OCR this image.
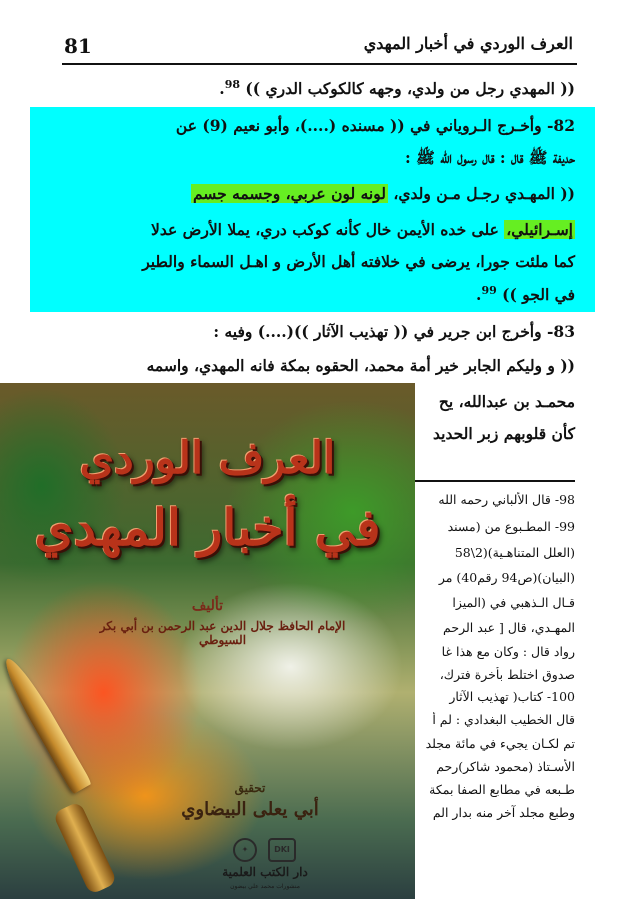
81	العرف الوردي في أخبار المهدي
(( المهدي رجل من ولدي، وجهه كالكوكب الدري )) $^{98}$.
82- وأخـرج الـروياني في (( مسنده (....)، وأبو نعيم (9) عن
حديفة ﷺ قال : قال رسول الله ﷺ :
(( المهـدي رجـل مـن ولدي، لونه لون عربي، وجسمه جسم
إسـرائيلي، على خده الأيمن خال كأنه كوكب دري، يملا الأرض عدلا
كما ملئت جورا، يرضى في خلافته أهل الأرض و اهـل السماء والطير
في الجو )) $^{99}$.
83- وأخرج ابن جرير في (( تهذيب الآثار ))(....) وفيه :
(( و وليكم الجابر خير أمة محمد، الحقوه بمكة فانه المهدي، واسمه
محمـد بن عبدالله، يح
كأن قلوبهم زبر الحديد
98- قال الألباني رحمه الله
99- المطـبوع من (مسند
(العلل المتناهـية)(2\58
(البيان)(ص94 رقم40) مر
قـال الـذهبي في (الميزا
المهـدي، قال [ عبد الرحم
رواد قال : وكان مع هذا غا
صدوق اختلط بأخرة فترك،
100- كتاب( تهذيب الآثار
قال الخطيب البغدادي : لم أ
تم لكـان يجيء في مائة مجلد
الأسـتاذ (محمود شاكر)رحم
طـبعه في مطابع الصفا بمكة
وطبع مجلد آخر منه بدار الم
العرف الوردي
في أخبار المهدي
تأليف
الإمام الحافظ جلال الدين عبد الرحمن بن أبي بكر السيوطي
تحقيق
أبي يعلى البيضاوي
✦	DKI
دار الكتب العلمية
منشورات محمد علي بيضون
